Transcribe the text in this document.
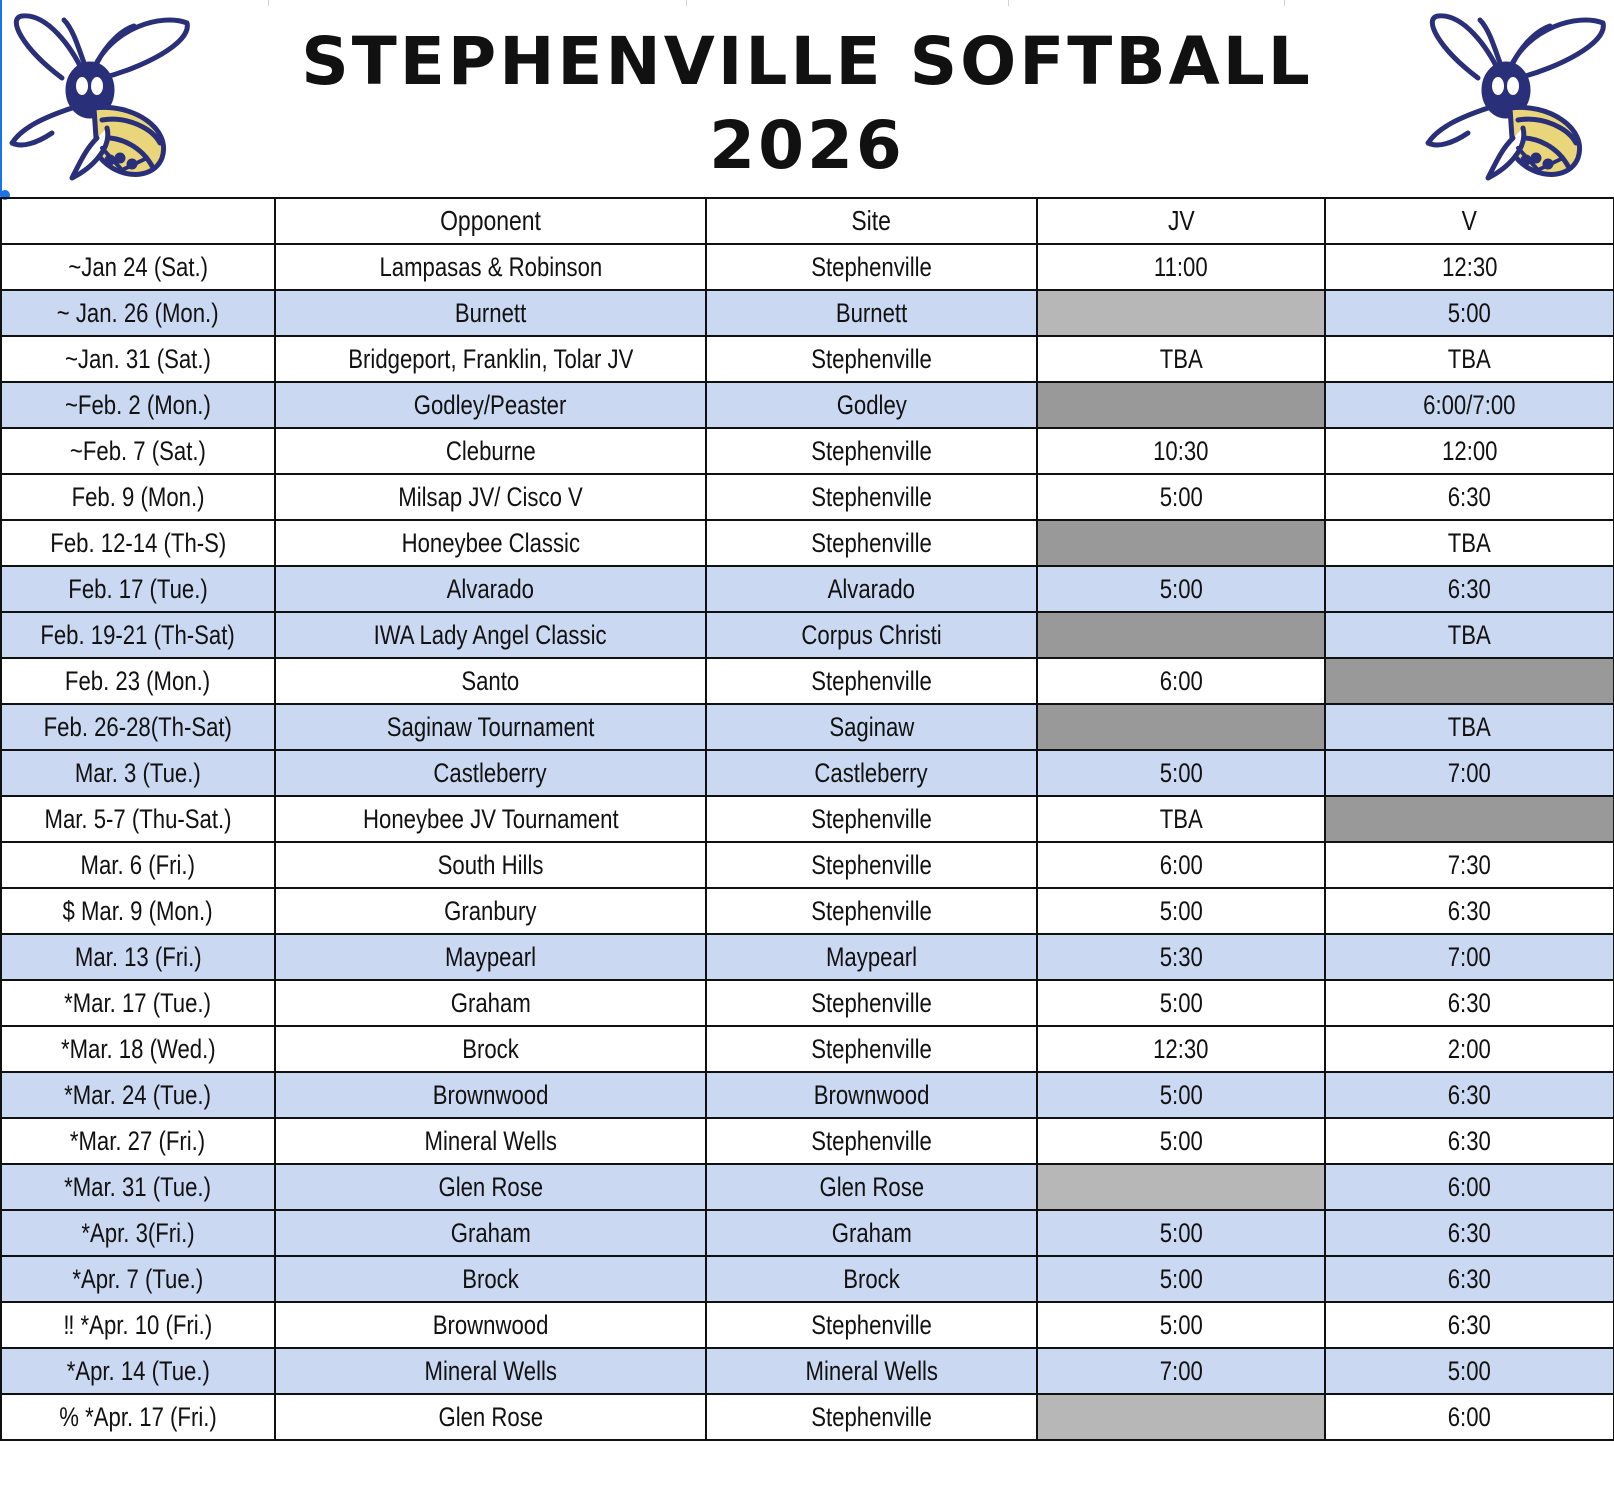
STEPHENVILLE SOFTBALL
2026
	Opponent	Site	JV	V
~Jan 24 (Sat.)	Lampasas & Robinson	Stephenville	11:00	12:30
~ Jan. 26 (Mon.)	Burnett	Burnett		5:00
~Jan. 31 (Sat.)	Bridgeport, Franklin, Tolar JV	Stephenville	TBA	TBA
~Feb. 2 (Mon.)	Godley/Peaster	Godley		6:00/7:00
~Feb. 7 (Sat.)	Cleburne	Stephenville	10:30	12:00
Feb. 9 (Mon.)	Milsap JV/ Cisco V	Stephenville	5:00	6:30
Feb. 12-14 (Th-S)	Honeybee Classic	Stephenville		TBA
Feb. 17 (Tue.)	Alvarado	Alvarado	5:00	6:30
Feb. 19-21 (Th-Sat)	IWA Lady Angel Classic	Corpus Christi		TBA
Feb. 23 (Mon.)	Santo	Stephenville	6:00	
Feb. 26-28(Th-Sat)	Saginaw Tournament	Saginaw		TBA
Mar. 3 (Tue.)	Castleberry	Castleberry	5:00	7:00
Mar. 5-7 (Thu-Sat.)	Honeybee JV Tournament	Stephenville	TBA	
Mar. 6 (Fri.)	South Hills	Stephenville	6:00	7:30
$ Mar. 9 (Mon.)	Granbury	Stephenville	5:00	6:30
Mar. 13 (Fri.)	Maypearl	Maypearl	5:30	7:00
*Mar. 17 (Tue.)	Graham	Stephenville	5:00	6:30
*Mar. 18 (Wed.)	Brock	Stephenville	12:30	2:00
*Mar. 24 (Tue.)	Brownwood	Brownwood	5:00	6:30
*Mar. 27 (Fri.)	Mineral Wells	Stephenville	5:00	6:30
*Mar. 31 (Tue.)	Glen Rose	Glen Rose		6:00
*Apr. 3(Fri.)	Graham	Graham	5:00	6:30
*Apr. 7 (Tue.)	Brock	Brock	5:00	6:30
‼ *Apr. 10 (Fri.)	Brownwood	Stephenville	5:00	6:30
*Apr. 14 (Tue.)	Mineral Wells	Mineral Wells	7:00	5:00
% *Apr. 17 (Fri.)	Glen Rose	Stephenville		6:00
